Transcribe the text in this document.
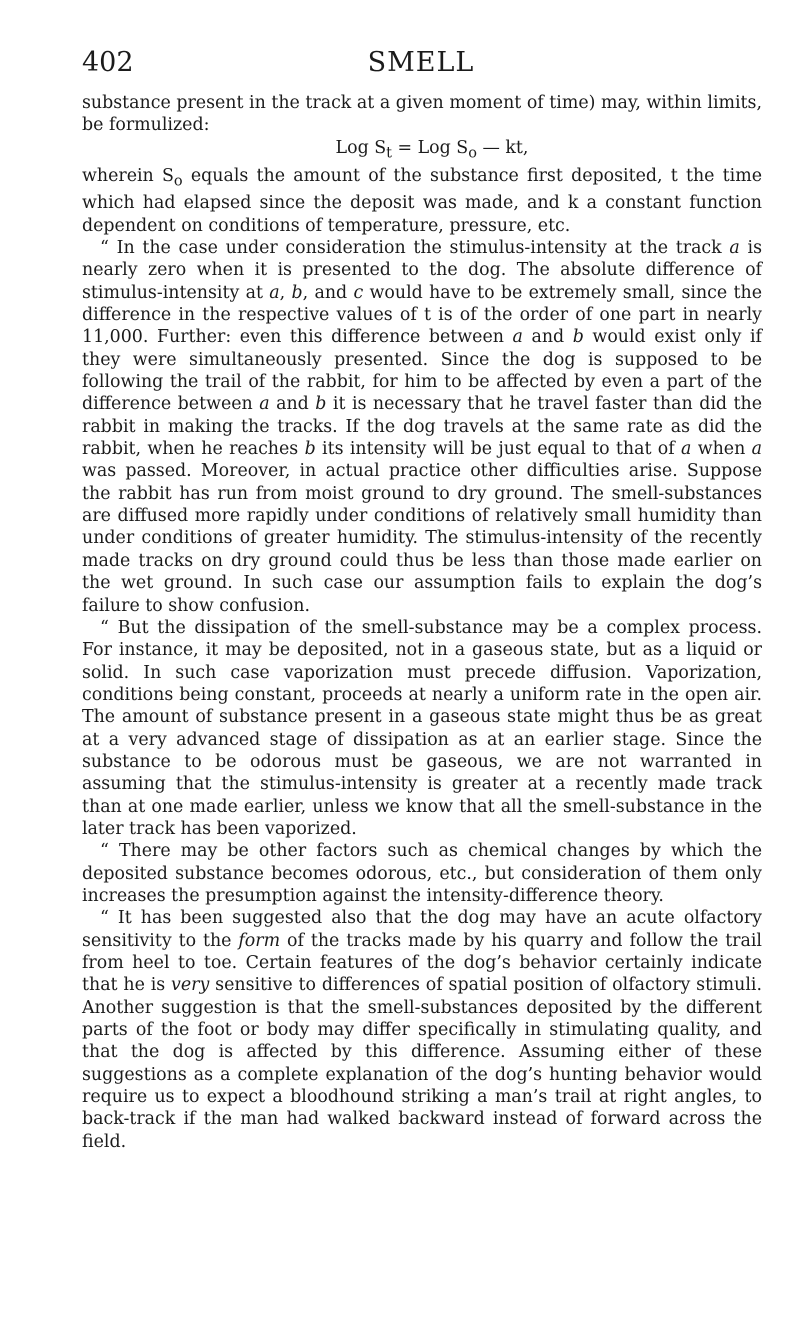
402	SMELL

substance present in the track at a given moment of time) may, within limits, be formulized:

Log $S_t$ = Log $S_o$ — kt,

wherein $S_o$ equals the amount of the substance first deposited, t the time which had elapsed since the deposit was made, and k a constant function dependent on conditions of temperature, pressure, etc.

“ In the case under consideration the stimulus-intensity at the track a is nearly zero when it is presented to the dog. The absolute difference of stimulus-intensity at a, b, and c would have to be extremely small, since the difference in the respective values of t is of the order of one part in nearly 11,000. Further: even this difference between a and b would exist only if they were simultaneously presented. Since the dog is supposed to be following the trail of the rabbit, for him to be affected by even a part of the difference between a and b it is necessary that he travel faster than did the rabbit in making the tracks. If the dog travels at the same rate as did the rabbit, when he reaches b its intensity will be just equal to that of a when a was passed. Moreover, in actual practice other difficulties arise. Suppose the rabbit has run from moist ground to dry ground. The smell-substances are diffused more rapidly under conditions of relatively small humidity than under conditions of greater humidity. The stimulus-intensity of the recently made tracks on dry ground could thus be less than those made earlier on the wet ground. In such case our assumption fails to explain the dog’s failure to show confusion.

“ But the dissipation of the smell-substance may be a complex process. For instance, it may be deposited, not in a gaseous state, but as a liquid or solid. In such case vaporization must precede diffusion. Vaporization, conditions being constant, proceeds at nearly a uniform rate in the open air. The amount of substance present in a gaseous state might thus be as great at a very advanced stage of dissipation as at an earlier stage. Since the substance to be odorous must be gaseous, we are not warranted in assuming that the stimulus-intensity is greater at a recently made track than at one made earlier, unless we know that all the smell-substance in the later track has been vaporized.

“ There may be other factors such as chemical changes by which the deposited substance becomes odorous, etc., but consideration of them only increases the presumption against the intensity-difference theory.

“ It has been suggested also that the dog may have an acute olfactory sensitivity to the form of the tracks made by his quarry and follow the trail from heel to toe. Certain features of the dog’s behavior certainly indicate that he is very sensitive to differences of spatial position of olfactory stimuli. Another suggestion is that the smell-substances deposited by the different parts of the foot or body may differ specifically in stimulating quality, and that the dog is affected by this difference. Assuming either of these suggestions as a complete explanation of the dog’s hunting behavior would require us to expect a bloodhound striking a man’s trail at right angles, to back-track if the man had walked backward instead of forward across the field.
